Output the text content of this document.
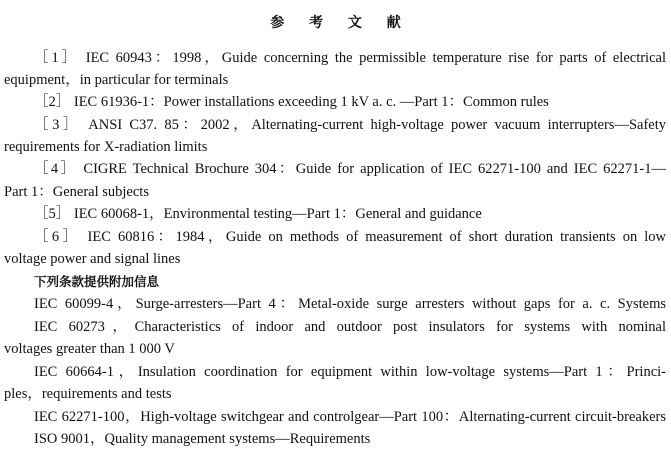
参 考 文 献
［1］ IEC 60943：1998，Guide concerning the permissible temperature rise for parts of electrical
equipment，in particular for terminals
［2］ IEC 61936-1：Power installations exceeding 1 kV a. c. —Part 1：Common rules
［3］ ANSI C37. 85：2002，Alternating-current high-voltage power vacuum interrupters—Safety
requirements for X-radiation limits
［4］ CIGRE Technical Brochure 304：Guide for application of IEC 62271-100 and IEC 62271-1—
Part 1：General subjects
［5］ IEC 60068-1，Environmental testing—Part 1：General and guidance
［6］ IEC 60816：1984，Guide on methods of measurement of short duration transients on low
voltage power and signal lines
下列条款提供附加信息
IEC 60099-4，Surge-arresters—Part 4：Metal-oxide surge arresters without gaps for a. c. Systems
IEC 60273，Characteristics of indoor and outdoor post insulators for systems with nominal
voltages greater than 1 000 V
IEC 60664-1，Insulation coordination for equipment within low-voltage systems—Part 1：Princi-
ples，requirements and tests
IEC 62271-100，High-voltage switchgear and controlgear—Part 100：Alternating-current circuit-breakers
ISO 9001，Quality management systems—Requirements
